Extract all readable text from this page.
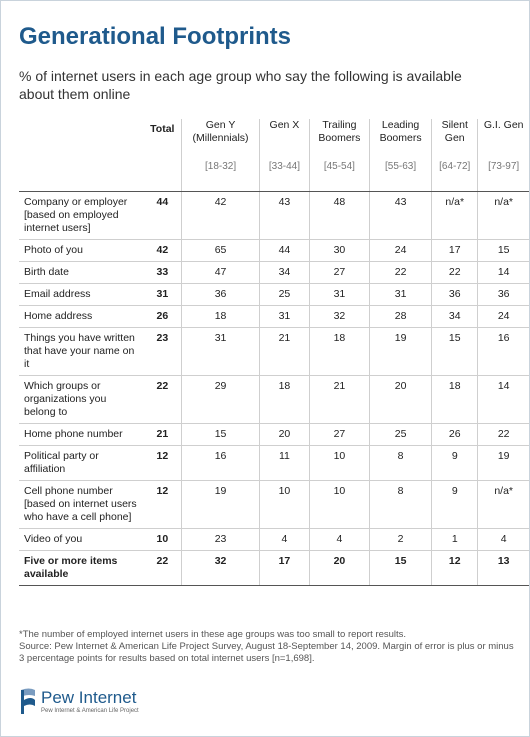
Generational Footprints
% of internet users in each age group who say the following is available about them online
	Total	Gen Y (Millennials)	Gen X	Trailing Boomers	Leading Boomers	Silent Gen	G.I. Gen
		[18-32]	[33-44]	[45-54]	[55-63]	[64-72]	[73-97]
Company or employer [based on employed internet users]	44	42	43	48	43	n/a*	n/a*
Photo of you	42	65	44	30	24	17	15
Birth date	33	47	34	27	22	22	14
Email address	31	36	25	31	31	36	36
Home address	26	18	31	32	28	34	24
Things you have written that have your name on it	23	31	21	18	19	15	16
Which groups or organizations you belong to	22	29	18	21	20	18	14
Home phone number	21	15	20	27	25	26	22
Political party or affiliation	12	16	11	10	8	9	19
Cell phone number [based on internet users who have a cell phone]	12	19	10	10	8	9	n/a*
Video of you	10	23	4	4	2	1	4
Five or more items available	22	32	17	20	15	12	13
*The number of employed internet users in these age groups was too small to report results.
Source: Pew Internet & American Life Project Survey, August 18-September 14, 2009. Margin of error is plus or minus 3 percentage points for results based on total internet users [n=1,698].
Pew Internet
Pew Internet & American Life Project
